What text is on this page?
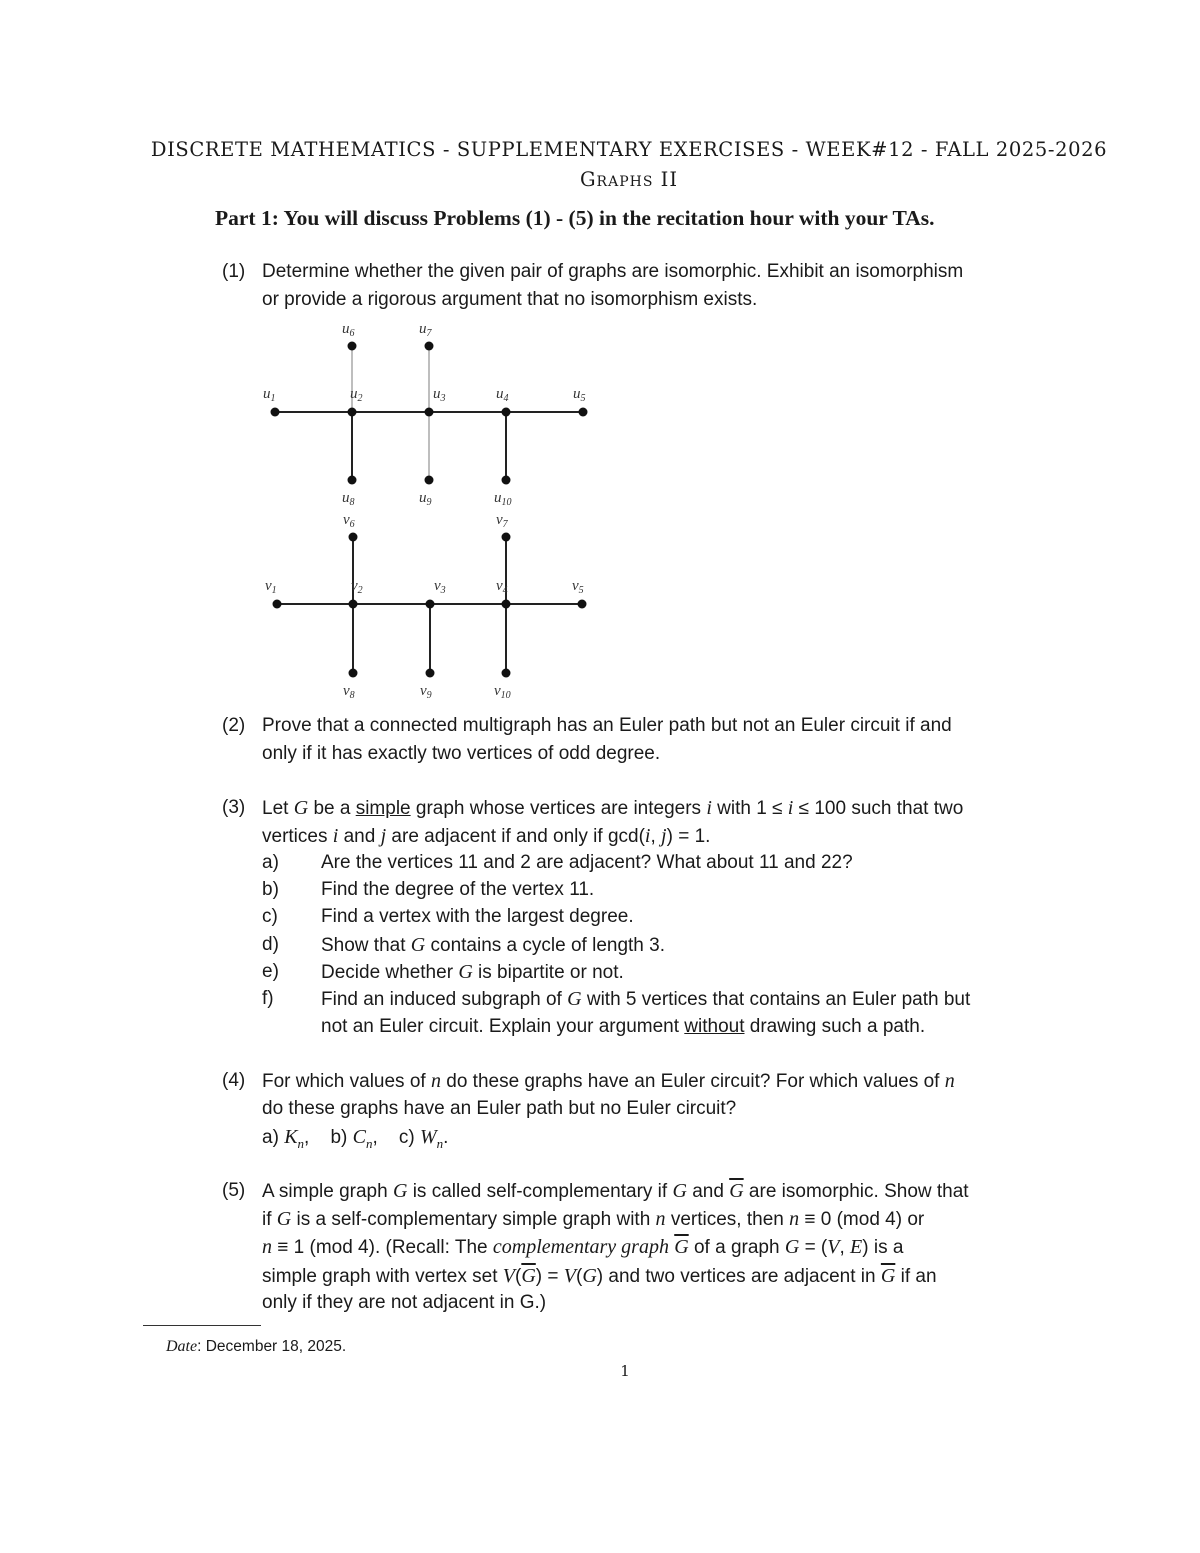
DISCRETE MATHEMATICS - SUPPLEMENTARY EXERCISES - WEEK#12 - FALL 2025-2026
Graphs II
Part 1: You will discuss Problems (1) - (5) in the recitation hour with your TAs.
(1) Determine whether the given pair of graphs are isomorphic. Exhibit an isomorphism
or provide a rigorous argument that no isomorphism exists.
$u_1$	$u_2$	$u_3$	$u_4$	$u_5$
$u_6$	$u_7$
$u_8$	$u_9$	$u_{10}$
$v_1$	$v_2$	$v_3$	$v_4$	$v_5$
$v_6$	$v_7$
$v_8$	$v_9$	$v_{10}$
(2) Prove that a connected multigraph has an Euler path but not an Euler circuit if and
only if it has exactly two vertices of odd degree.
(3) Let G be a simple graph whose vertices are integers i with 1 ≤ i ≤ 100 such that two
vertices i and j are adjacent if and only if gcd(i, j) = 1.
a) Are the vertices 11 and 2 are adjacent? What about 11 and 22?
b) Find the degree of the vertex 11.
c) Find a vertex with the largest degree.
d) Show that G contains a cycle of length 3.
e) Decide whether G is bipartite or not.
f) Find an induced subgraph of G with 5 vertices that contains an Euler path but
not an Euler circuit. Explain your argument without drawing such a path.
(4) For which values of n do these graphs have an Euler circuit? For which values of n
do these graphs have an Euler path but no Euler circuit?
a) $K_n$,    b) $C_n$,    c) $W_n$.
(5) A simple graph G is called self-complementary if G and $\overline{G}$ are isomorphic. Show that
if G is a self-complementary simple graph with n vertices, then n ≡ 0 (mod 4) or
n ≡ 1 (mod 4). (Recall: The complementary graph $\overline{G}$ of a graph G = (V, E) is a
simple graph with vertex set $V(\overline{G}) = V(G)$ and two vertices are adjacent in $\overline{G}$ if an
only if they are not adjacent in G.)
Date: December 18, 2025.
1
